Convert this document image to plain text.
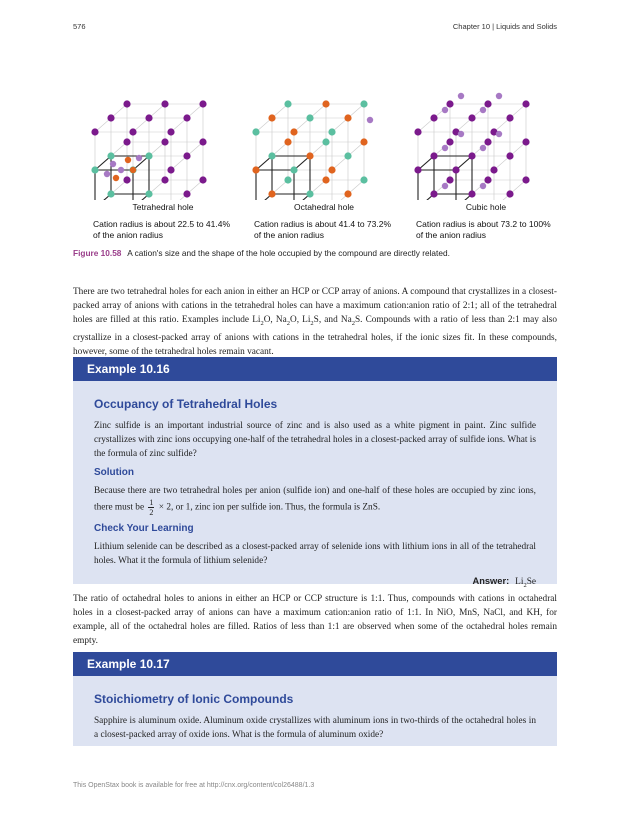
576	Chapter 10 | Liquids and Solids
Tetrahedral hole
Cation radius is about 22.5 to 41.4% of the anion radius
Octahedral hole
Cation radius is about 41.4 to 73.2% of the anion radius
Cubic hole
Cation radius is about 73.2 to 100% of the anion radius
Figure 10.58 A cation's size and the shape of the hole occupied by the compound are directly related.
There are two tetrahedral holes for each anion in either an HCP or CCP array of anions. A compound that crystallizes in a closest-packed array of anions with cations in the tetrahedral holes can have a maximum cation:anion ratio of 2:1; all of the tetrahedral holes are filled at this ratio. Examples include $Li_2O$, $Na_2O$, $Li_2S$, and $Na_2S$. Compounds with a ratio of less than 2:1 may also crystallize in a closest-packed array of anions with cations in the tetrahedral holes, if the ionic sizes fit. In these compounds, however, some of the tetrahedral holes remain vacant.
Example 10.16
Occupancy of Tetrahedral Holes

Zinc sulfide is an important industrial source of zinc and is also used as a white pigment in paint. Zinc sulfide crystallizes with zinc ions occupying one-half of the tetrahedral holes in a closest-packed array of sulfide ions. What is the formula of zinc sulfide?

Solution

Because there are two tetrahedral holes per anion (sulfide ion) and one-half of these holes are occupied by zinc ions, there must be $\frac{1}{2} \times 2$, or 1, zinc ion per sulfide ion. Thus, the formula is ZnS.

Check Your Learning

Lithium selenide can be described as a closest-packed array of selenide ions with lithium ions in all of the tetrahedral holes. What it the formula of lithium selenide?

Answer: $Li_2Se$
The ratio of octahedral holes to anions in either an HCP or CCP structure is 1:1. Thus, compounds with cations in octahedral holes in a closest-packed array of anions can have a maximum cation:anion ratio of 1:1. In NiO, MnS, NaCl, and KH, for example, all of the octahedral holes are filled. Ratios of less than 1:1 are observed when some of the octahedral holes remain empty.
Example 10.17
Stoichiometry of Ionic Compounds

Sapphire is aluminum oxide. Aluminum oxide crystallizes with aluminum ions in two-thirds of the octahedral holes in a closest-packed array of oxide ions. What is the formula of aluminum oxide?

This OpenStax book is available for free at http://cnx.org/content/col26488/1.3
